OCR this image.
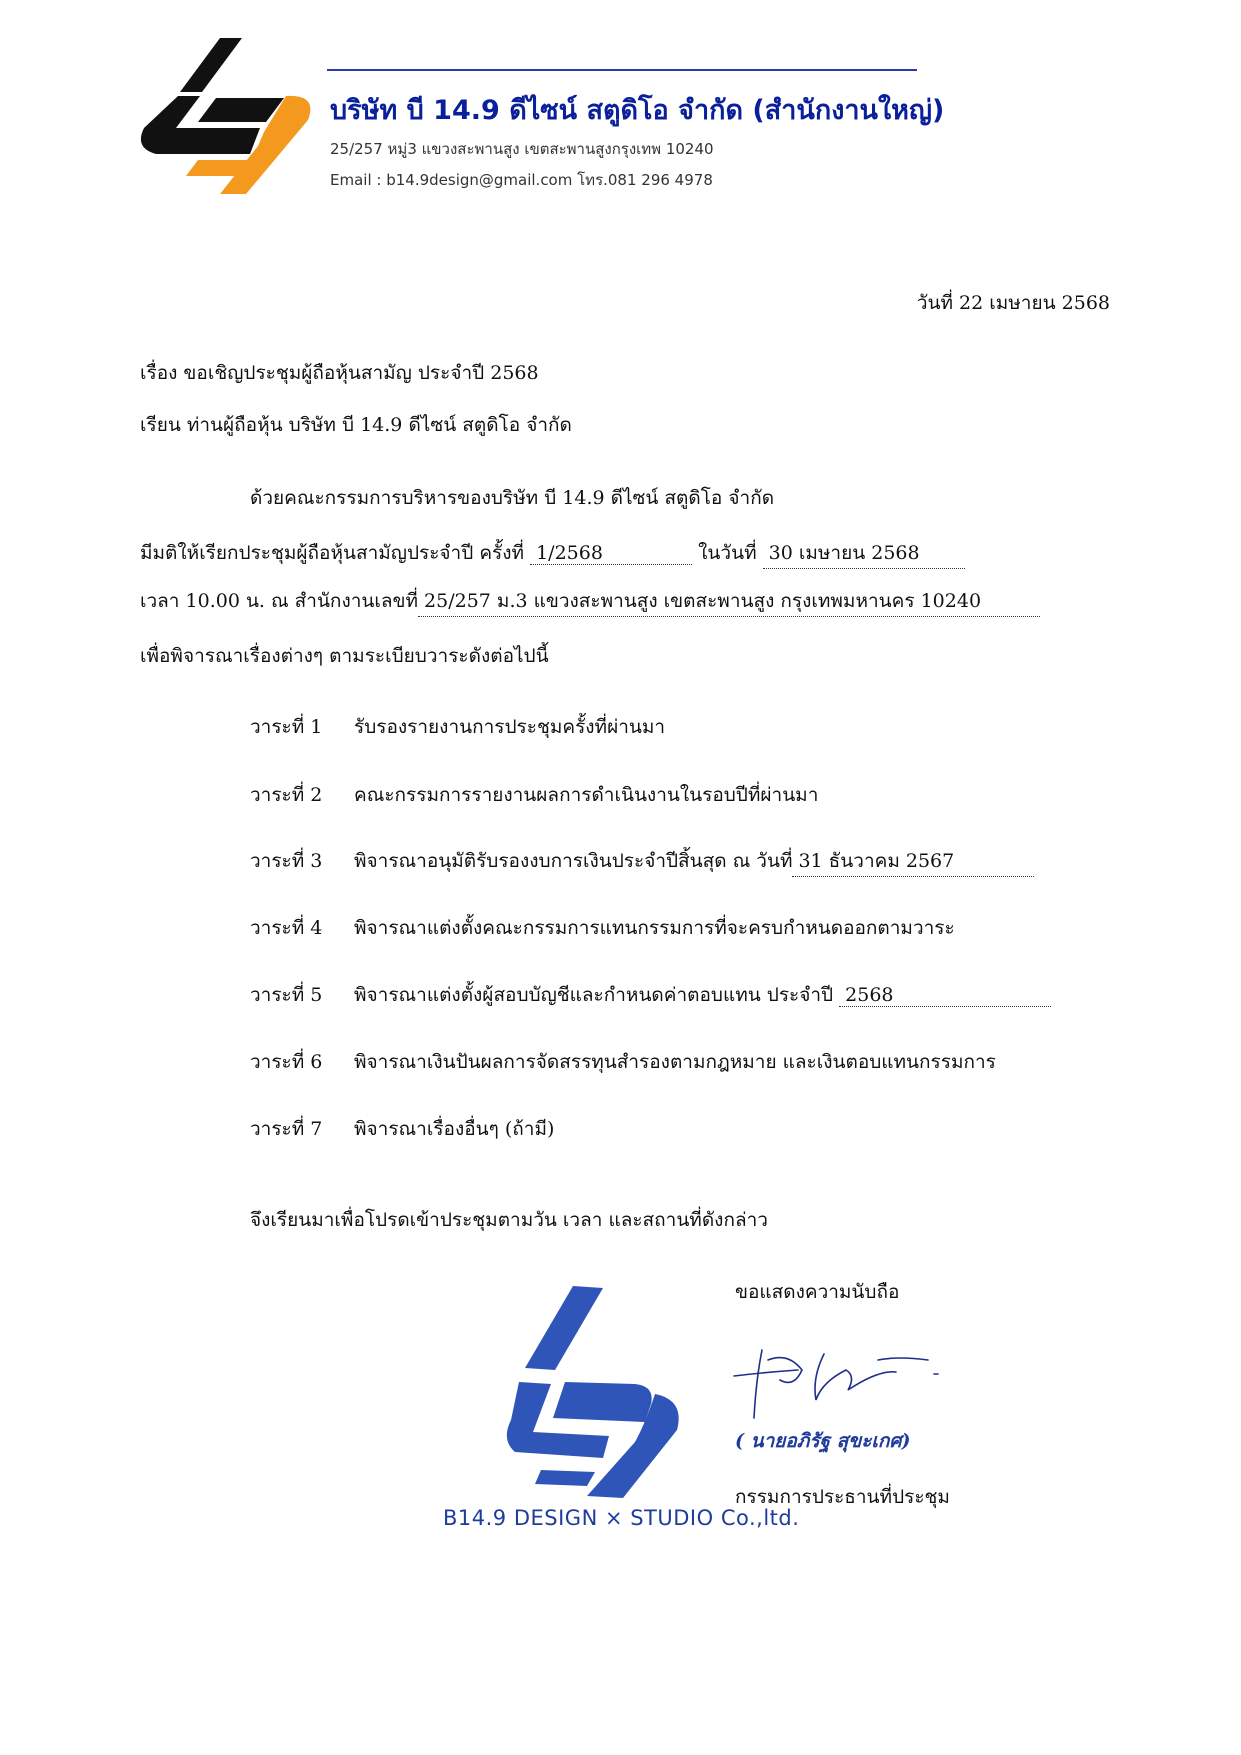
บริษัท บี 14.9 ดีไซน์ สตูดิโอ จำกัด (สำนักงานใหญ่)
25/257 หมู่3 แขวงสะพานสูง เขตสะพานสูงกรุงเทพ 10240
Email : b14.9design@gmail.com โทร.081 296 4978
วันที่ 22 เมษายน 2568
เรื่อง ขอเชิญประชุมผู้ถือหุ้นสามัญ ประจำปี 2568
เรียน ท่านผู้ถือหุ้น บริษัท บี 14.9 ดีไซน์ สตูดิโอ จำกัด
ด้วยคณะกรรมการบริหารของบริษัท บี 14.9 ดีไซน์ สตูดิโอ จำกัด
มีมติให้เรียกประชุมผู้ถือหุ้นสามัญประจำปี ครั้งที่ 1/2568	ในวันที่ 30 เมษายน 2568
เวลา 10.00 น. ณ สำนักงานเลขที่ 25/257 ม.3 แขวงสะพานสูง เขตสะพานสูง กรุงเทพมหานคร 10240
เพื่อพิจารณาเรื่องต่างๆ ตามระเบียบวาระดังต่อไปนี้
วาระที่ 1 รับรองรายงานการประชุมครั้งที่ผ่านมา
วาระที่ 2 คณะกรรมการรายงานผลการดำเนินงานในรอบปีที่ผ่านมา
วาระที่ 3 พิจารณาอนุมัติรับรองงบการเงินประจำปีสิ้นสุด ณ วันที่ 31 ธันวาคม 2567
วาระที่ 4 พิจารณาแต่งตั้งคณะกรรมการแทนกรรมการที่จะครบกำหนดออกตามวาระ
วาระที่ 5 พิจารณาแต่งตั้งผู้สอบบัญชีและกำหนดค่าตอบแทน ประจำปี 2568
วาระที่ 6 พิจารณาเงินปันผลการจัดสรรทุนสำรองตามกฎหมาย และเงินตอบแทนกรรมการ
วาระที่ 7 พิจารณาเรื่องอื่นๆ (ถ้ามี)
จึงเรียนมาเพื่อโปรดเข้าประชุมตามวัน เวลา และสถานที่ดังกล่าว
ขอแสดงความนับถือ
B14.9 DESIGN × STUDIO Co.,ltd.
( นายอภิรัฐ สุขะเกศ)
กรรมการประธานที่ประชุม
